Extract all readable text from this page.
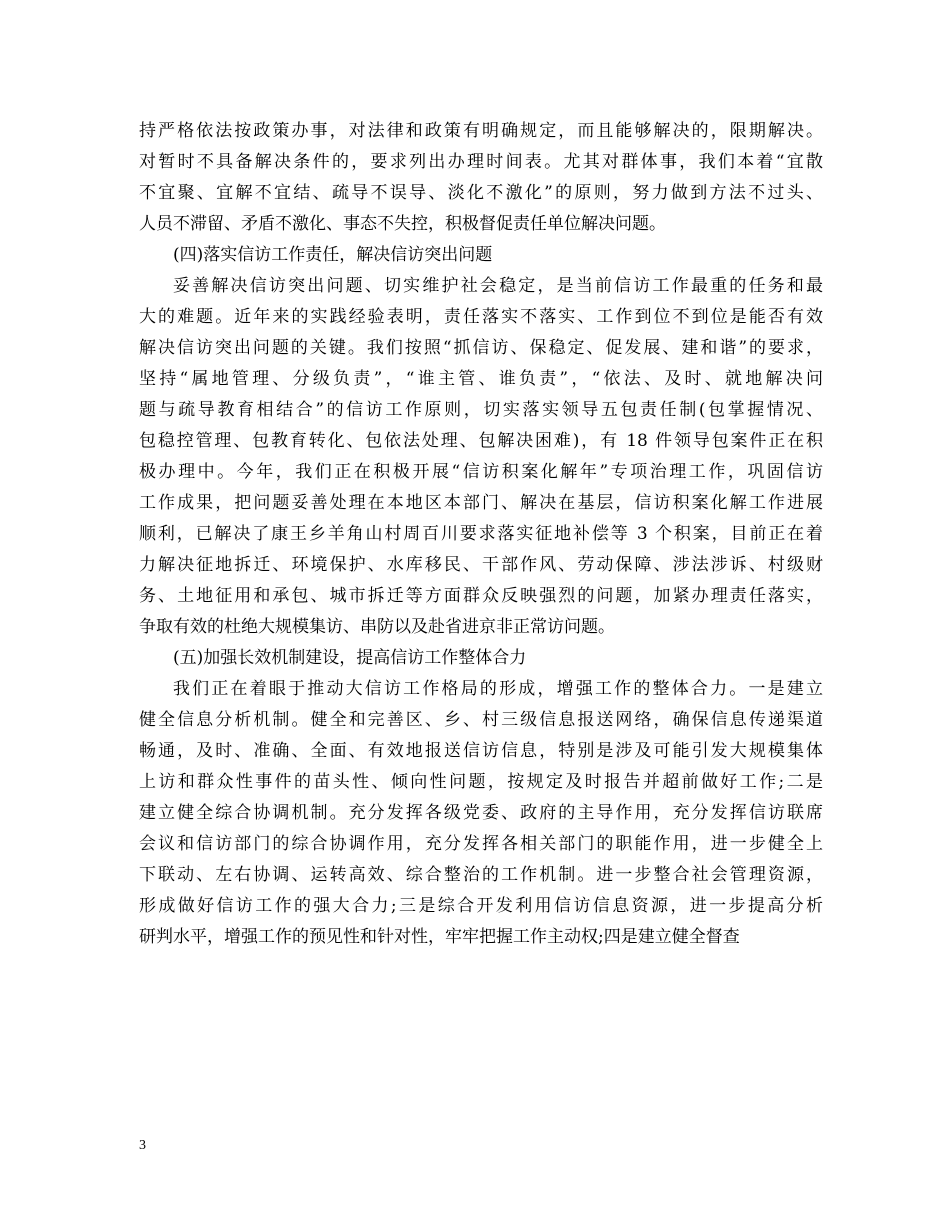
持严格依法按政策办事，对法律和政策有明确规定，而且能够解决的，限期解决。
对暂时不具备解决条件的，要求列出办理时间表。尤其对群体事，我们本着“宜散
不宜聚、宜解不宜结、疏导不误导、淡化不激化”的原则，努力做到方法不过头、
人员不滞留、矛盾不激化、事态不失控，积极督促责任单位解决问题。
(四)落实信访工作责任，解决信访突出问题
妥善解决信访突出问题、切实维护社会稳定，是当前信访工作最重的任务和最
大的难题。近年来的实践经验表明，责任落实不落实、工作到位不到位是能否有效
解决信访突出问题的关键。我们按照“抓信访、保稳定、促发展、建和谐”的要求，
坚持“属地管理、分级负责”，“谁主管、谁负责”，“依法、及时、就地解决问
题与疏导教育相结合”的信访工作原则，切实落实领导五包责任制(包掌握情况、
包稳控管理、包教育转化、包依法处理、包解决困难)，有 18 件领导包案件正在积
极办理中。今年，我们正在积极开展“信访积案化解年”专项治理工作，巩固信访
工作成果，把问题妥善处理在本地区本部门、解决在基层，信访积案化解工作进展
顺利，已解决了康王乡羊角山村周百川要求落实征地补偿等 3 个积案，目前正在着
力解决征地拆迁、环境保护、水库移民、干部作风、劳动保障、涉法涉诉、村级财
务、土地征用和承包、城市拆迁等方面群众反映强烈的问题，加紧办理责任落实，
争取有效的杜绝大规模集访、串防以及赴省进京非正常访问题。
(五)加强长效机制建设，提高信访工作整体合力
我们正在着眼于推动大信访工作格局的形成，增强工作的整体合力。一是建立
健全信息分析机制。健全和完善区、乡、村三级信息报送网络，确保信息传递渠道
畅通，及时、准确、全面、有效地报送信访信息，特别是涉及可能引发大规模集体
上访和群众性事件的苗头性、倾向性问题，按规定及时报告并超前做好工作;二是
建立健全综合协调机制。充分发挥各级党委、政府的主导作用，充分发挥信访联席
会议和信访部门的综合协调作用，充分发挥各相关部门的职能作用，进一步健全上
下联动、左右协调、运转高效、综合整治的工作机制。进一步整合社会管理资源，
形成做好信访工作的强大合力;三是综合开发利用信访信息资源，进一步提高分析
研判水平，增强工作的预见性和针对性，牢牢把握工作主动权;四是建立健全督查
3
